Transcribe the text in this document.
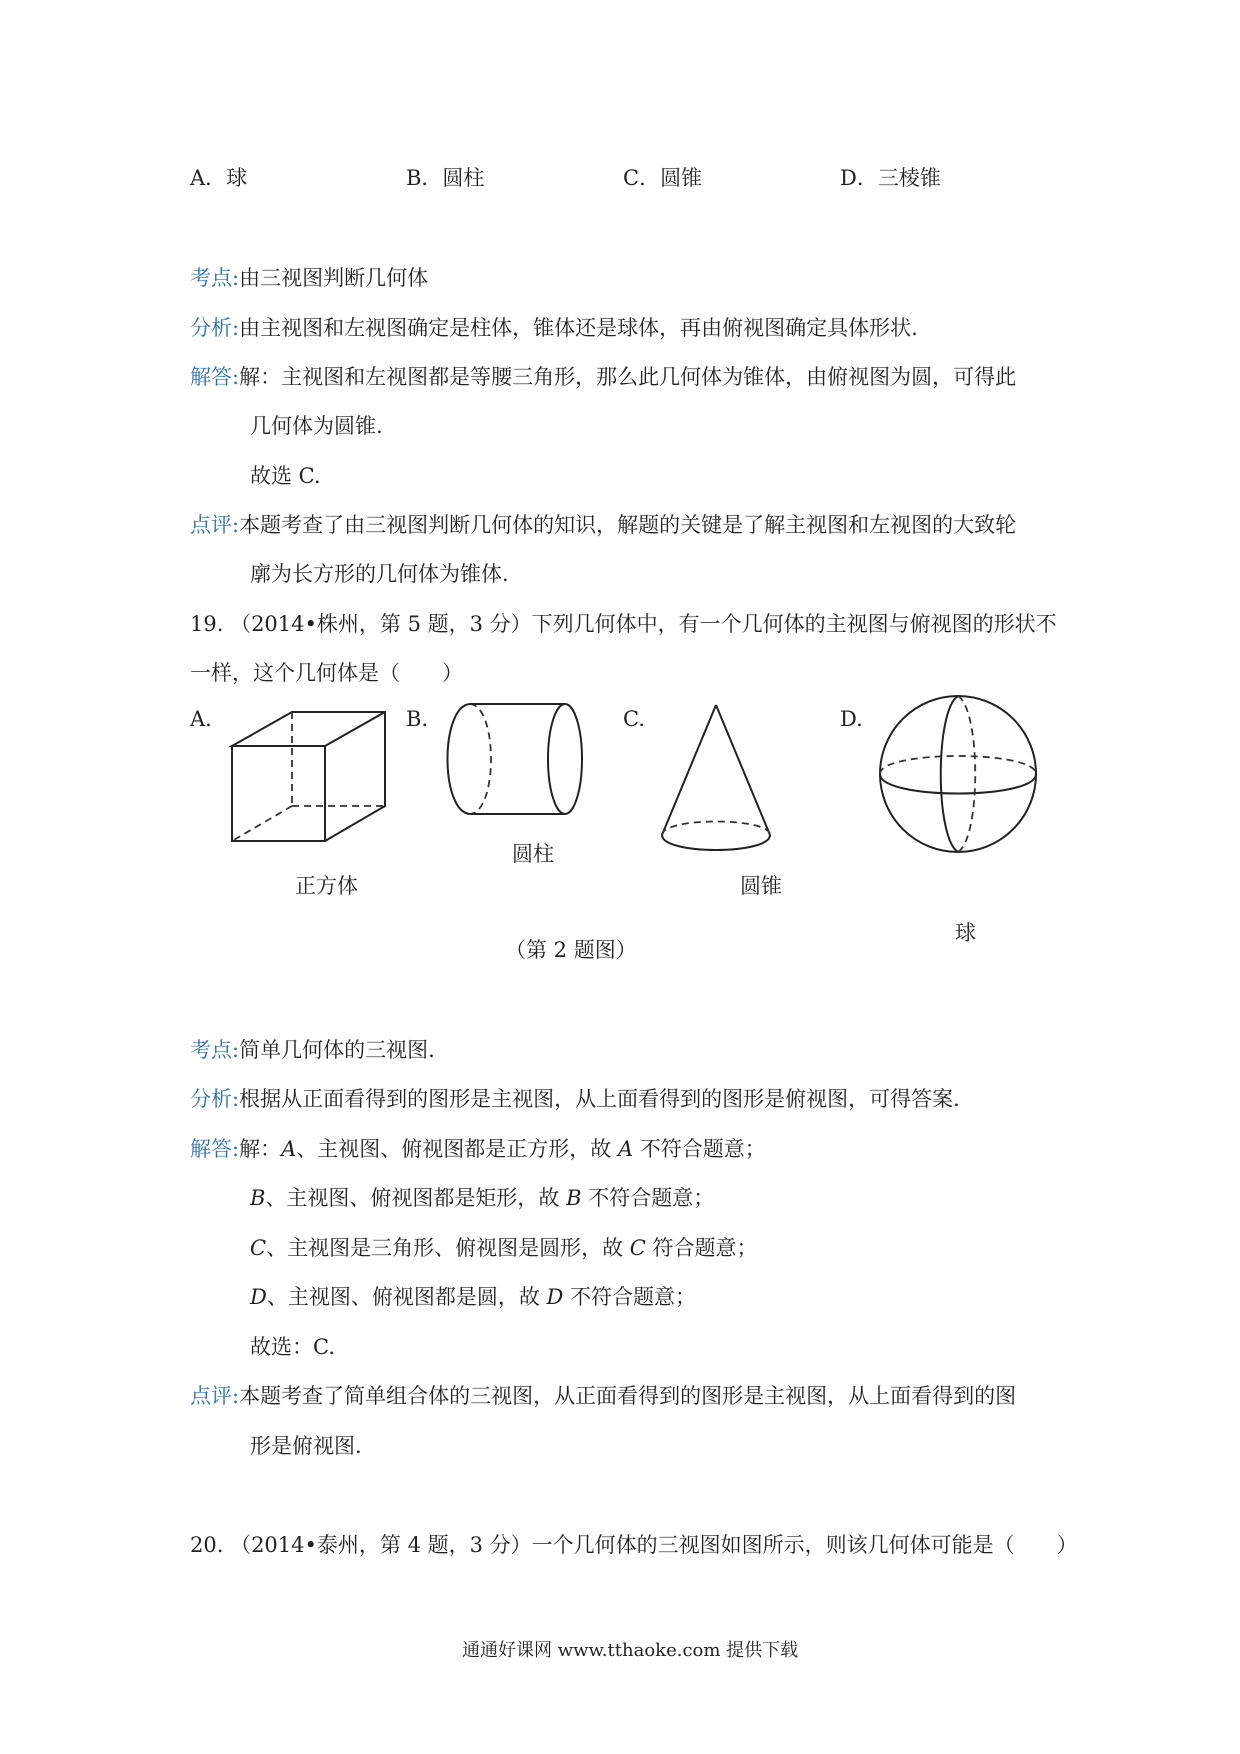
A．球	B．圆柱	C．圆锥	D．三棱锥
考点:由三视图判断几何体
分析:由主视图和左视图确定是柱体，锥体还是球体，再由俯视图确定具体形状.
解答:解：主视图和左视图都是等腰三角形，那么此几何体为锥体，由俯视图为圆，可得此
几何体为圆锥.
故选 C.
点评:本题考查了由三视图判断几何体的知识，解题的关键是了解主视图和左视图的大致轮
廓为长方形的几何体为锥体.
19. （2014•株州，第 5 题，3 分）下列几何体中，有一个几何体的主视图与俯视图的形状不
一样，这个几何体是（　　）
A.	B.	C.	D.
正方体
圆柱
圆锥
球
（第 2 题图）
考点:简单几何体的三视图.
分析:根据从正面看得到的图形是主视图，从上面看得到的图形是俯视图，可得答案.
解答:解：A、主视图、俯视图都是正方形，故 A 不符合题意；
B、主视图、俯视图都是矩形，故 B 不符合题意；
C、主视图是三角形、俯视图是圆形，故 C 符合题意；
D、主视图、俯视图都是圆，故 D 不符合题意；
故选：C.
点评:本题考查了简单组合体的三视图，从正面看得到的图形是主视图，从上面看得到的图
形是俯视图.
20. （2014•泰州，第 4 题，3 分）一个几何体的三视图如图所示，则该几何体可能是（　　）
通通好课网 www.tthaoke.com 提供下载
